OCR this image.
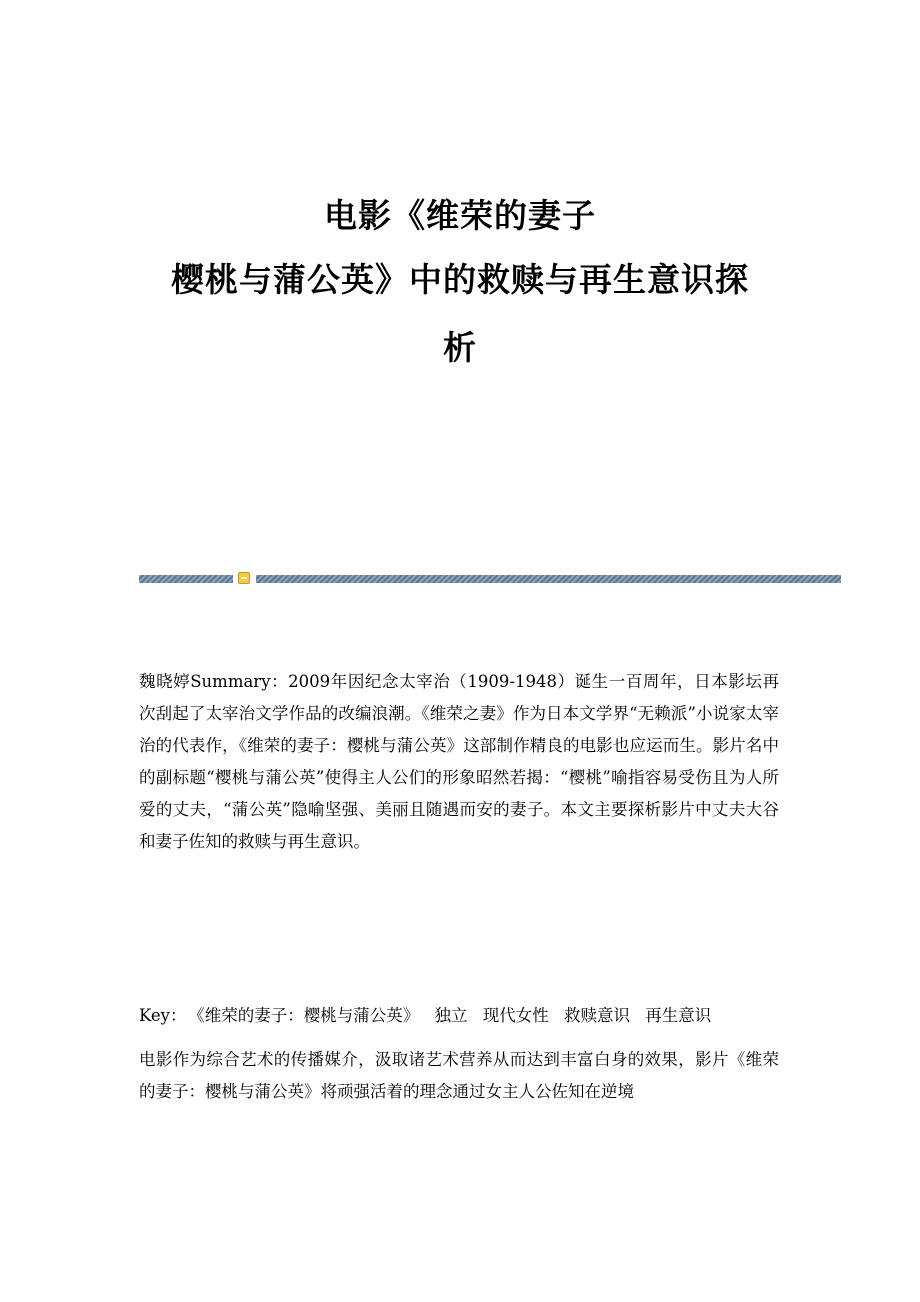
电影《维荣的妻子
樱桃与蒲公英》中的救赎与再生意识探
析

魏晓婷Summary：2009年因纪念太宰治（1909-1948）诞生一百周年，日本影坛再次刮起了太宰治文学作品的改编浪潮。《维荣之妻》作为日本文学界“无赖派”小说家太宰治的代表作，《维荣的妻子：樱桃与蒲公英》这部制作精良的电影也应运而生。影片名中的副标题“樱桃与蒲公英”使得主人公们的形象昭然若揭：“樱桃”喻指容易受伤且为人所爱的丈夫，“蒲公英”隐喻坚强、美丽且随遇而安的妻子。本文主要探析影片中丈夫大谷和妻子佐知的救赎与再生意识。

Key： 《维荣的妻子：樱桃与蒲公英》 独立 现代女性 救赎意识 再生意识

电影作为综合艺术的传播媒介，汲取诸艺术营养从而达到丰富白身的效果，影片《维荣的妻子：樱桃与蒲公英》将顽强活着的理念通过女主人公佐知在逆境
